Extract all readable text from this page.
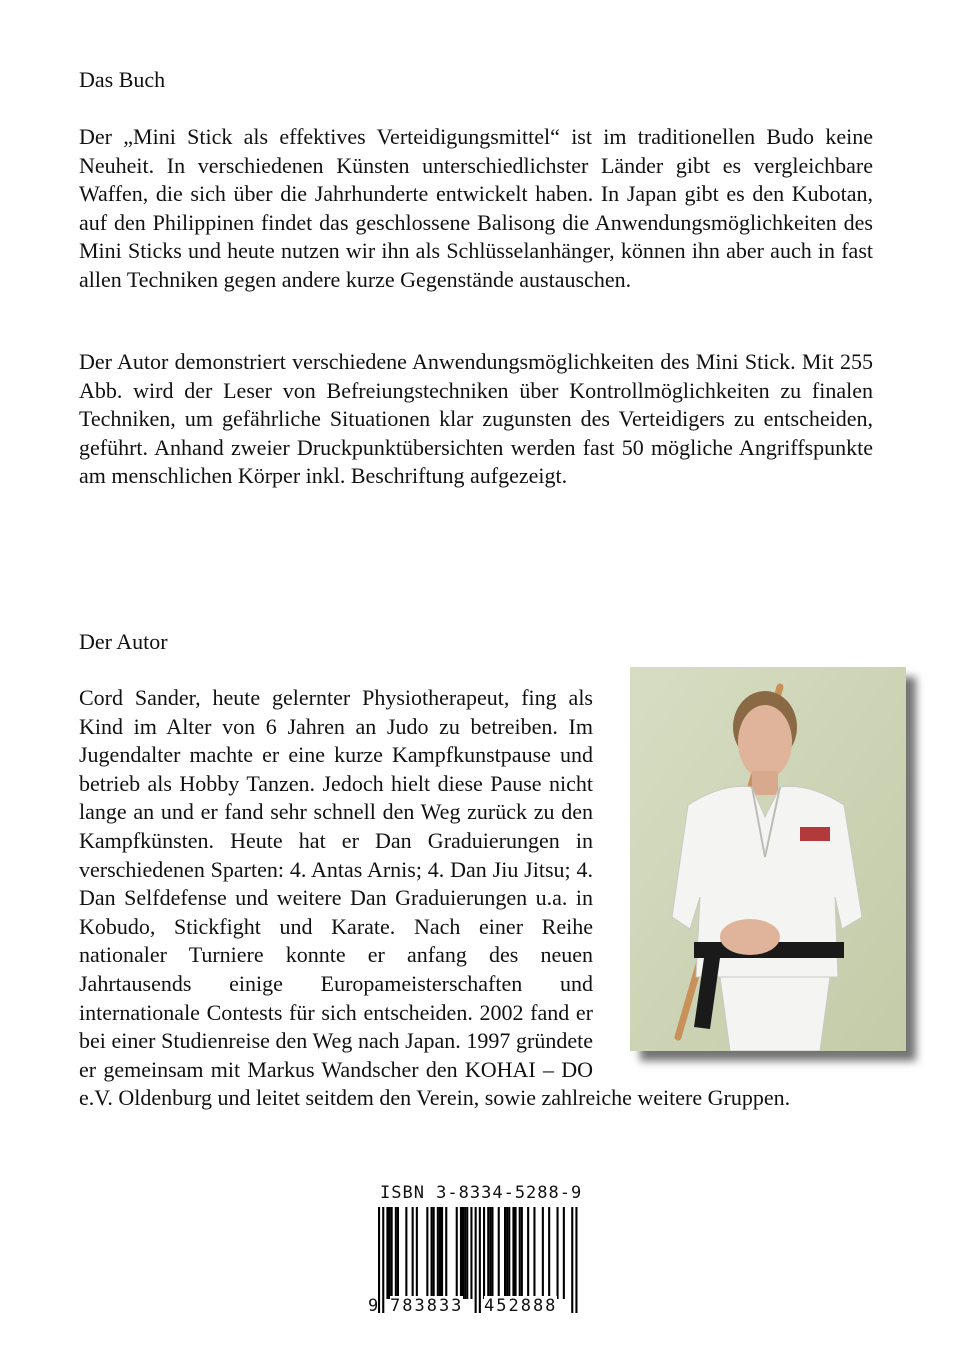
Das Buch

Der „Mini Stick als effektives Verteidigungsmittel“ ist im traditionellen Budo keine Neuheit. In verschiedenen Künsten unterschiedlichster Länder gibt es vergleichbare Waffen, die sich über die Jahrhunderte entwickelt haben. In Japan gibt es den Kubotan, auf den Philippinen findet das geschlossene Balisong die Anwendungsmöglichkeiten des Mini Sticks und heute nutzen wir ihn als Schlüsselanhänger, können ihn aber auch in fast allen Techniken gegen andere kurze Gegenstände austauschen.

Der Autor demonstriert verschiedene Anwendungsmöglichkeiten des Mini Stick. Mit 255 Abb. wird der Leser von Befreiungstechniken über Kontrollmöglichkeiten zu finalen Techniken, um gefährliche Situationen klar zugunsten des Verteidigers zu entscheiden, geführt. Anhand zweier Druckpunktübersichten werden fast 50 mögliche Angriffspunkte am menschlichen Körper inkl. Beschriftung aufgezeigt.

Der Autor
Cord Sander, heute gelernter Physiotherapeut, fing als Kind im Alter von 6 Jahren an Judo zu betreiben. Im Jugendalter machte er eine kurze Kampfkunstpause und betrieb als Hobby Tanzen. Jedoch hielt diese Pause nicht lange an und er fand sehr schnell den Weg zurück zu den Kampfkünsten. Heute hat er Dan Graduierungen in verschiedenen Sparten: 4. Antas Arnis; 4. Dan Jiu Jitsu; 4. Dan Selfdefense und weitere Dan Graduierungen u.a. in Kobudo, Stickfight und Karate. Nach einer Reihe nationaler Turniere konnte er anfang des neuen Jahrtausends einige Europameisterschaften und internationale Contests für sich entscheiden. 2002 fand er bei einer Studienreise den Weg nach Japan. 1997 gründete er gemeinsam mit Markus Wandscher den KOHAI – DO e.V. Oldenburg und leitet seitdem den Verein, sowie zahlreiche weitere Gruppen.
ISBN 3-8334-5288-9
9 783833 452888
